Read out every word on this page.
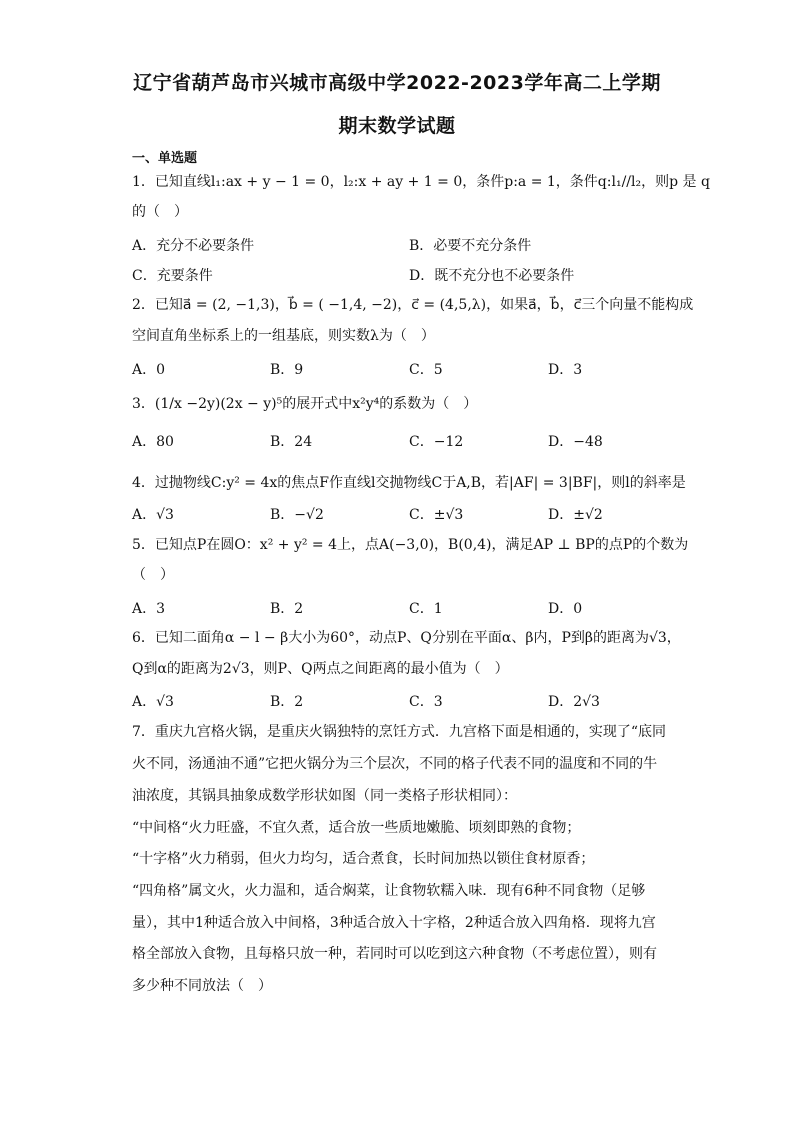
辽宁省葫芦岛市兴城市高级中学2022-2023学年高二上学期
期末数学试题
一、单选题
1．已知直线l₁:ax + y − 1 = 0，l₂:x + ay + 1 = 0，条件p:a = 1，条件q:l₁//l₂，则p 是 q
的（　）
A．充分不必要条件	B．必要不充分条件
C．充要条件	D．既不充分也不必要条件
2．已知a⃗ = (2, −1,3)，b⃗ = ( −1,4, −2)，c⃗ = (4,5,λ)，如果a⃗，b⃗，c⃗三个向量不能构成
空间直角坐标系上的一组基底，则实数λ为（　）
A．0	B．9	C．5	D．3
3．(1/x −2y)(2x − y)⁵的展开式中x²y⁴的系数为（　）
A．80	B．24	C．−12	D．−48
4．过抛物线C:y² = 4x的焦点F作直线l交抛物线C于A,B，若|AF| = 3|BF|，则l的斜率是
A．√3	B．−√2	C．±√3	D．±√2
5．已知点P在圆O：x² + y² = 4上，点A(−3,0)，B(0,4)，满足AP ⊥ BP的点P的个数为
（　）
A．3	B．2	C．1	D．0
6．已知二面角α − l − β大小为60°，动点P、Q分别在平面α、β内，P到β的距离为√3，
Q到α的距离为2√3，则P、Q两点之间距离的最小值为（　）
A．√3	B．2	C．3	D．2√3
7．重庆九宫格火锅，是重庆火锅独特的烹饪方式．九宫格下面是相通的，实现了“底同
火不同，汤通油不通”它把火锅分为三个层次，不同的格子代表不同的温度和不同的牛
油浓度，其锅具抽象成数学形状如图（同一类格子形状相同）：
“中间格“火力旺盛，不宜久煮，适合放一些质地嫩脆、顷刻即熟的食物；
“十字格”火力稍弱，但火力均匀，适合煮食，长时间加热以锁住食材原香；
“四角格”属文火，火力温和，适合焖菜，让食物软糯入味．现有6种不同食物（足够
量），其中1种适合放入中间格，3种适合放入十字格，2种适合放入四角格．现将九宫
格全部放入食物，且每格只放一种，若同时可以吃到这六种食物（不考虑位置），则有
多少种不同放法（　）
